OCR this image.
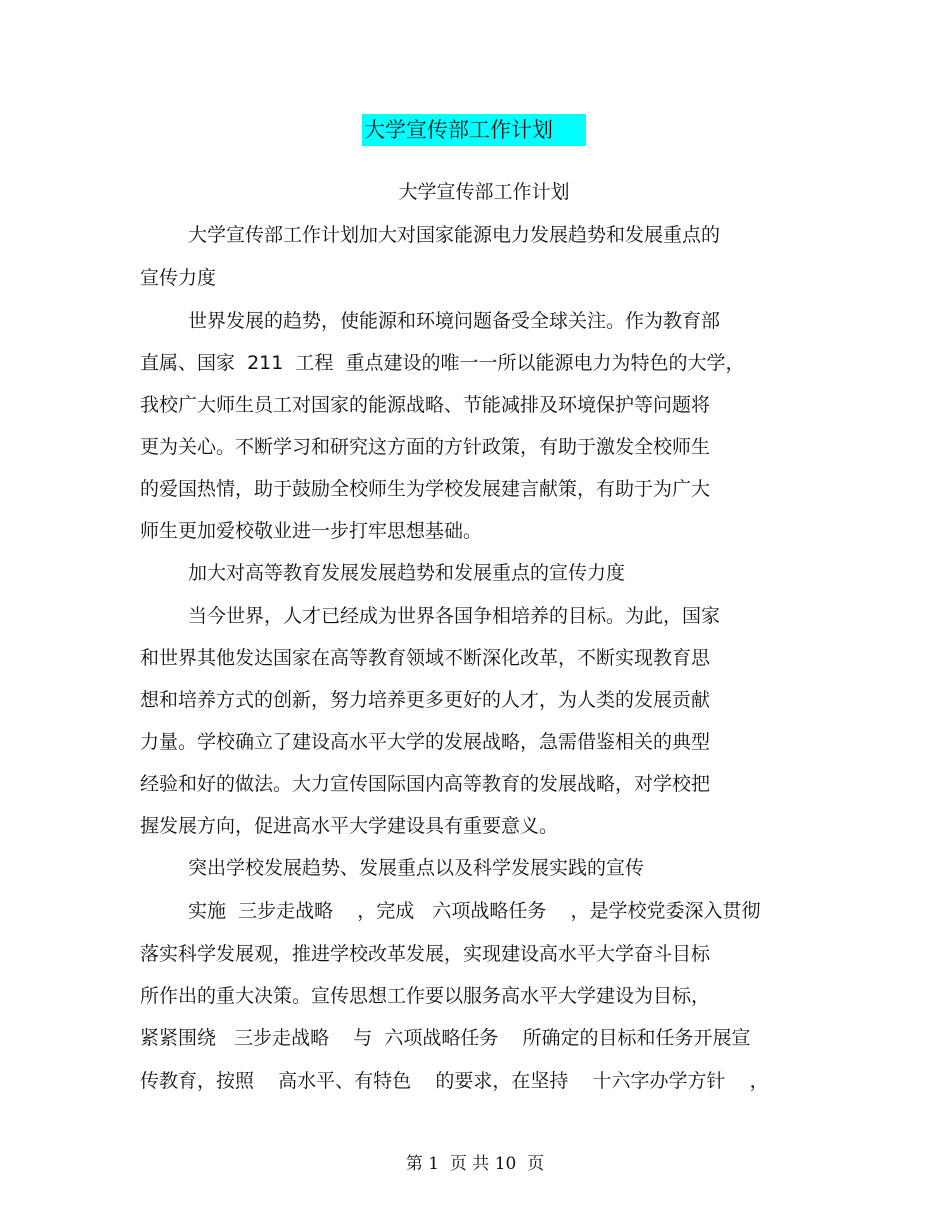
大学宣传部工作计划
大学宣传部工作计划
大学宣传部工作计划加大对国家能源电力发展趋势和发展重点的
宣传力度
世界发展的趋势，使能源和环境问题备受全球关注。作为教育部
直属、国家  211  工程  重点建设的唯一一所以能源电力为特色的大学，
我校广大师生员工对国家的能源战略、节能减排及环境保护等问题将
更为关心。不断学习和研究这方面的方针政策，有助于激发全校师生
的爱国热情，助于鼓励全校师生为学校发展建言献策，有助于为广大
师生更加爱校敬业进一步打牢思想基础。
加大对高等教育发展发展趋势和发展重点的宣传力度
当今世界，人才已经成为世界各国争相培养的目标。为此，国家
和世界其他发达国家在高等教育领域不断深化改革，不断实现教育思
想和培养方式的创新，努力培养更多更好的人才，为人类的发展贡献
力量。学校确立了建设高水平大学的发展战略，急需借鉴相关的典型
经验和好的做法。大力宣传国际国内高等教育的发展战略，对学校把
握发展方向，促进高水平大学建设具有重要意义。
突出学校发展趋势、发展重点以及科学发展实践的宣传
实施  三步走战略    ，完成   六项战略任务    ，是学校党委深入贯彻
落实科学发展观，推进学校改革发展，实现建设高水平大学奋斗目标
所作出的重大决策。宣传思想工作要以服务高水平大学建设为目标，
紧紧围绕   三步走战略    与  六项战略任务    所确定的目标和任务开展宣
传教育，按照    高水平、有特色    的要求，在坚持    十六字办学方针    ，
第 1  页 共 10  页
